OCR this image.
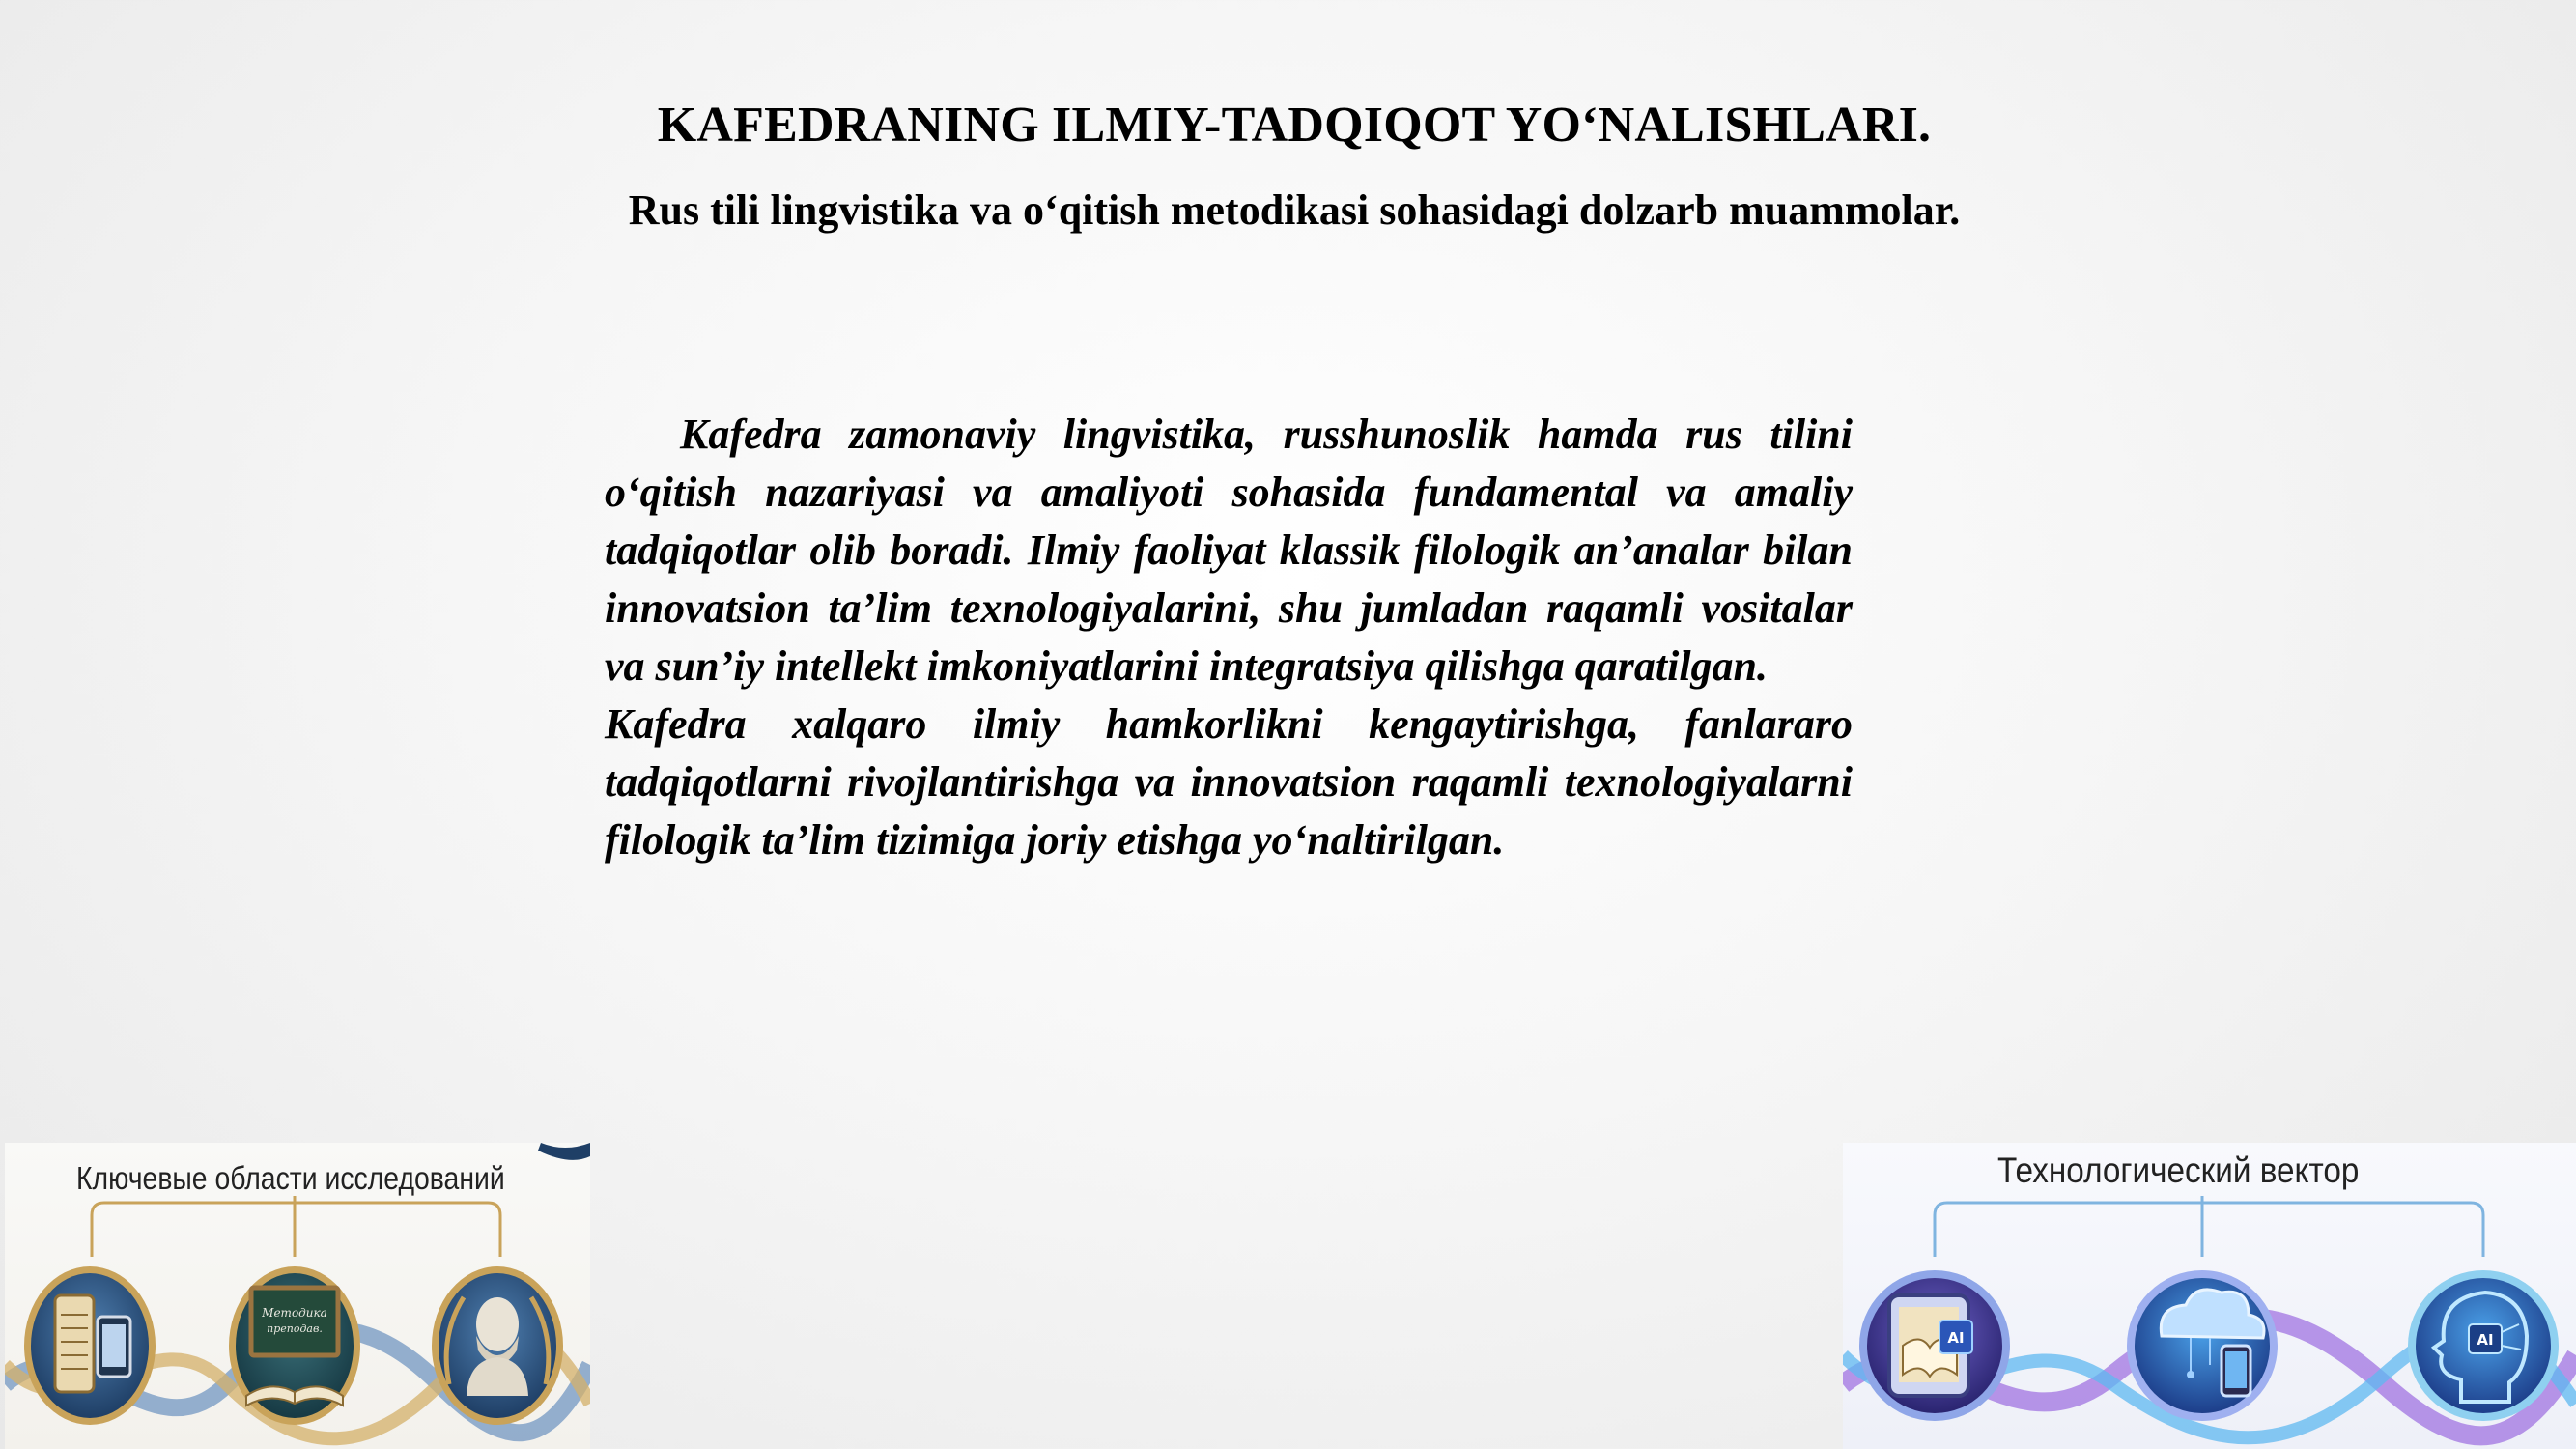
KAFEDRANING ILMIY-TADQIQOT YO‘NALISHLARI.
Rus tili lingvistika va o‘qitish metodikasi sohasidagi dolzarb muammolar.

Kafedra zamonaviy lingvistika, russhunoslik hamda rus tilini o‘qitish nazariyasi va amaliyoti sohasida fundamental va amaliy tadqiqotlar olib boradi. Ilmiy faoliyat klassik filologik an’analar bilan innovatsion ta’lim texnologiyalarini, shu jumladan raqamli vositalar va sun’iy intellekt imkoniyatlarini integratsiya qilishga qaratilgan.

Kafedra xalqaro ilmiy hamkorlikni kengaytirishga, fanlararo tadqiqotlarni rivojlantirishga va innovatsion raqamli texnologiyalarni filologik ta’lim tizimiga joriy etishga yo‘naltirilgan.

Методика
преподав.
Ключевые области исследований
AI	AI
Технологический вектор
